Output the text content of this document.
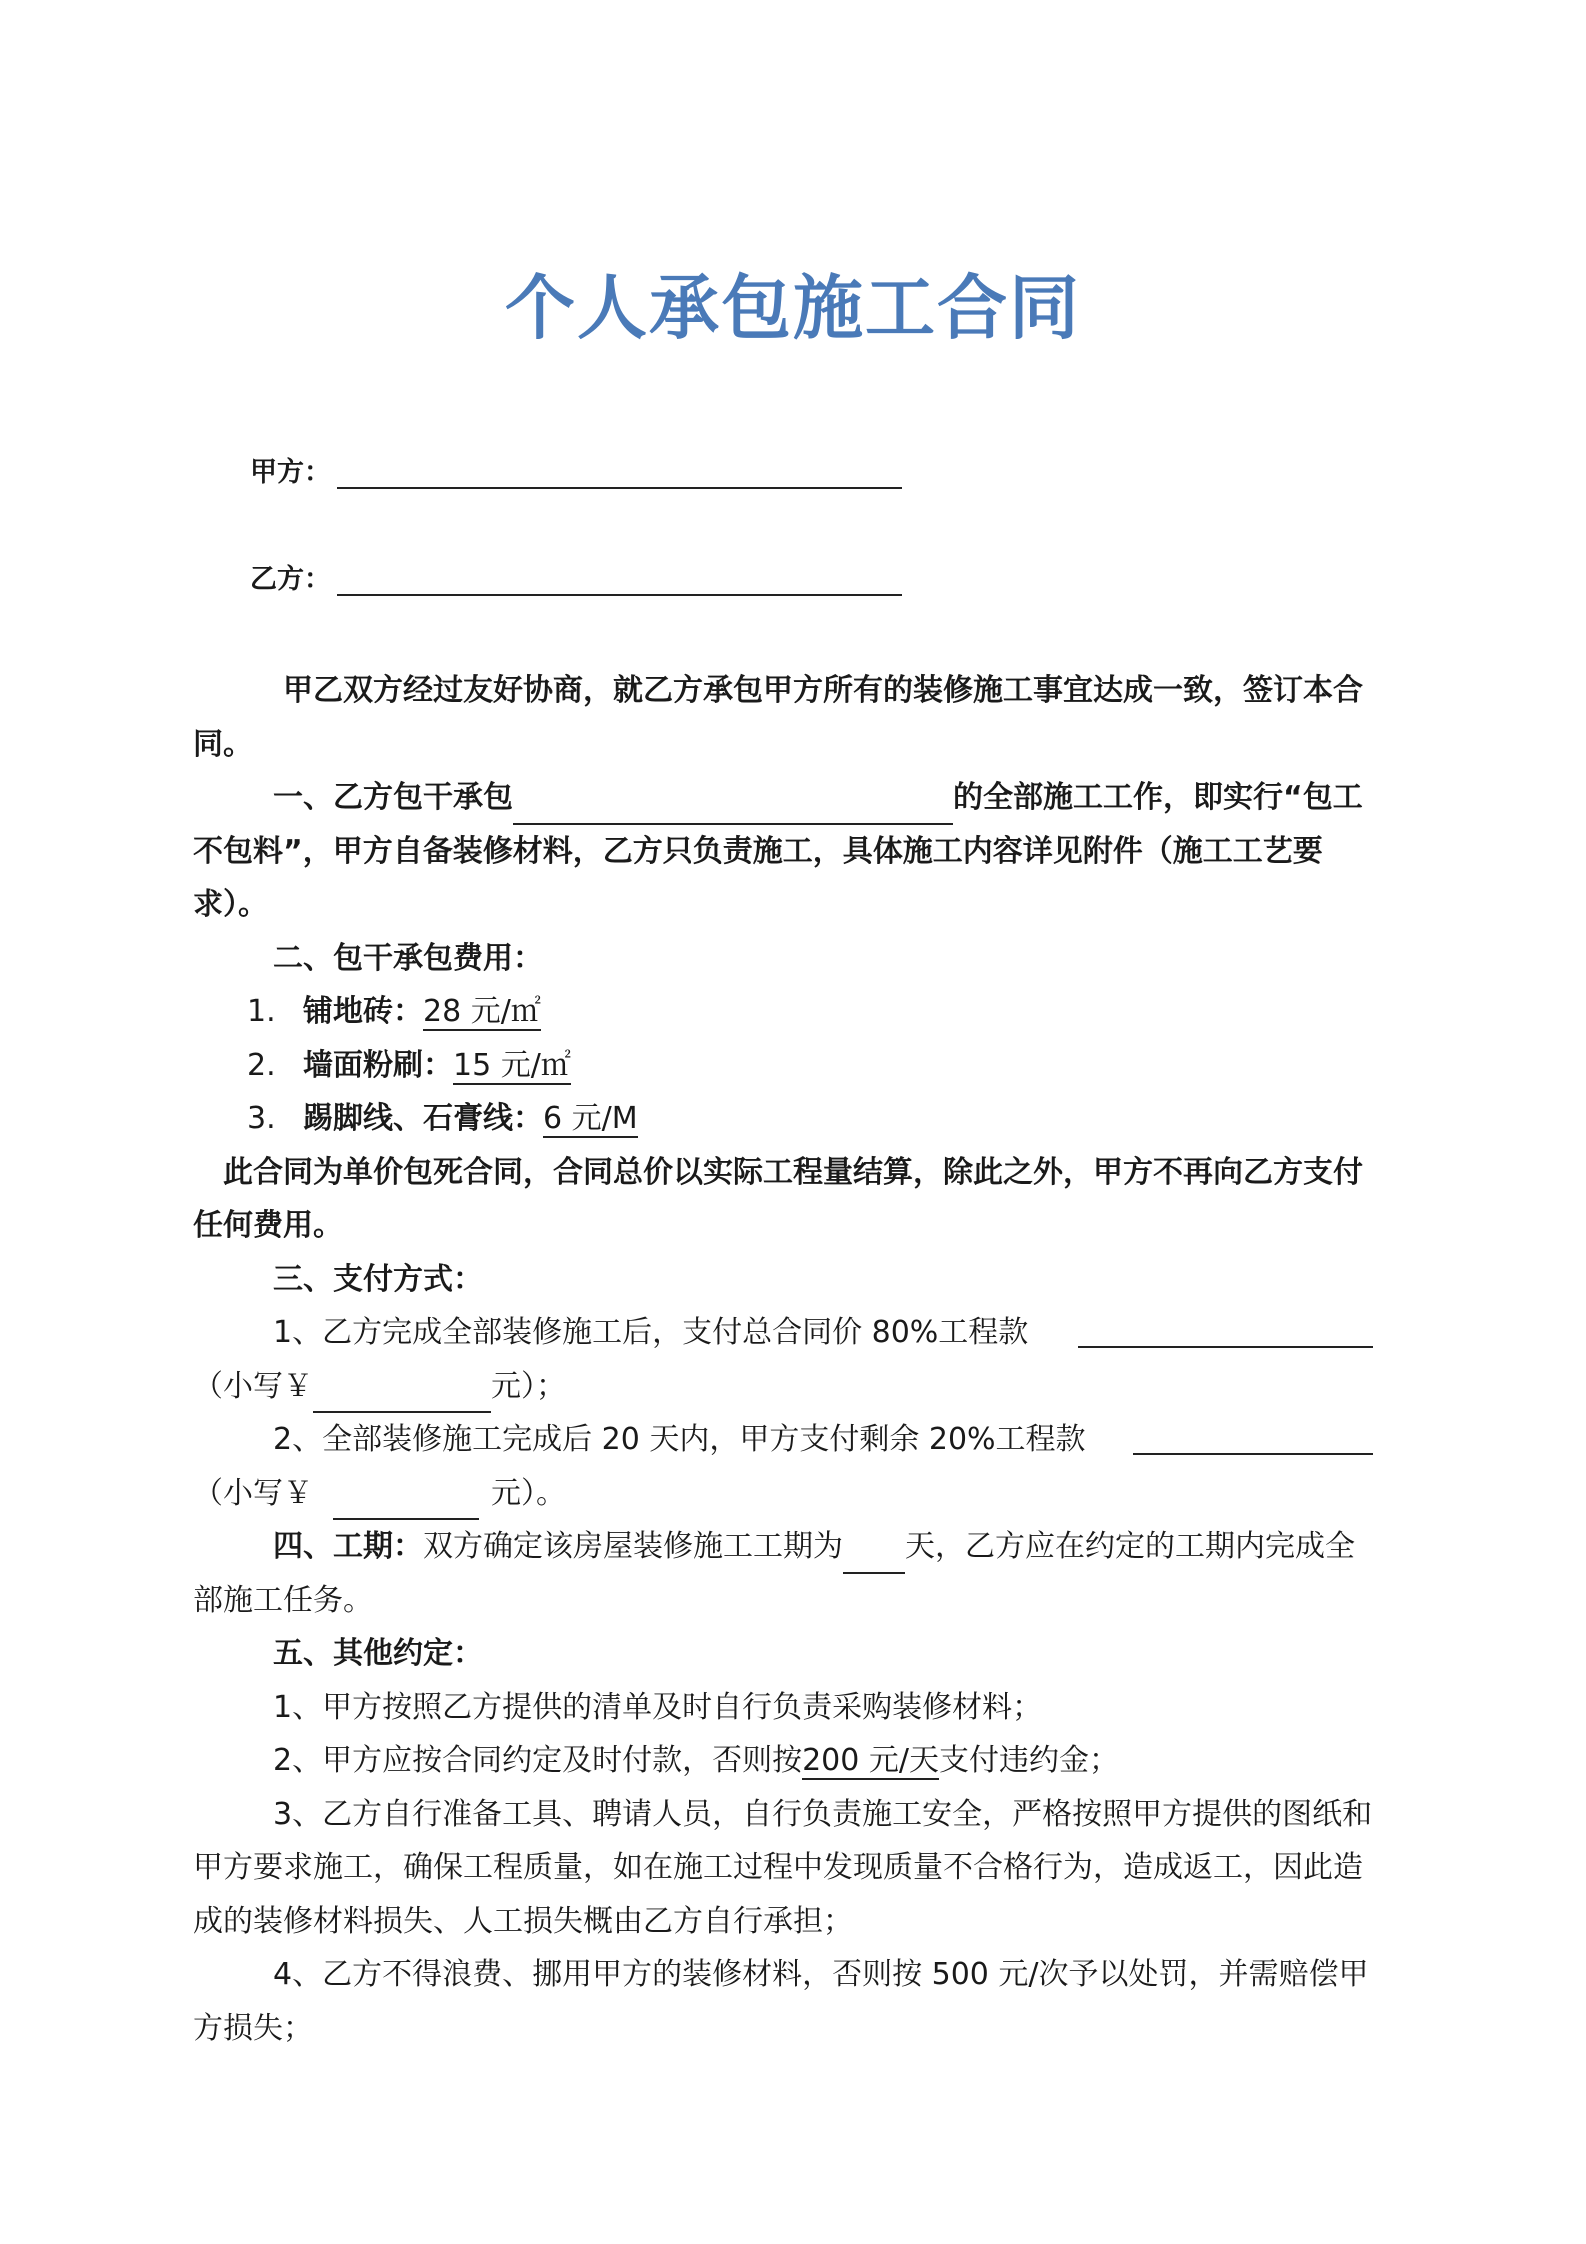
个人承包施工合同
甲方：
乙方：

甲乙双方经过友好协商，就乙方承包甲方所有的装修施工事宜达成一致，签订本合同。

一、乙方包干承包	的全部施工工作，即实行“包工不包料”，甲方自备装修材料，乙方只负责施工，具体施工内容详见附件（施工工艺要求）。

二、包干承包费用：

1. 铺地砖：28 元/㎡

2. 墙面粉刷：15 元/㎡

3. 踢脚线、石膏线：6 元/M

此合同为单价包死合同，合同总价以实际工程量结算，除此之外，甲方不再向乙方支付任何费用。

三、支付方式：

1、乙方完成全部装修施工后，支付总合同价 80%工程款

（小写￥	元）；

2、全部装修施工完成后 20 天内，甲方支付剩余 20%工程款

（小写￥	元）。

四、工期：双方确定该房屋装修施工工期为 天，乙方应在约定的工期内完成全部施工任务。

五、其他约定：

1、甲方按照乙方提供的清单及时自行负责采购装修材料；

2、甲方应按合同约定及时付款，否则按200 元/天支付违约金；

3、乙方自行准备工具、聘请人员，自行负责施工安全，严格按照甲方提供的图纸和甲方要求施工，确保工程质量，如在施工过程中发现质量不合格行为，造成返工，因此造成的装修材料损失、人工损失概由乙方自行承担；

4、乙方不得浪费、挪用甲方的装修材料，否则按 500 元/次予以处罚，并需赔偿甲方损失；
